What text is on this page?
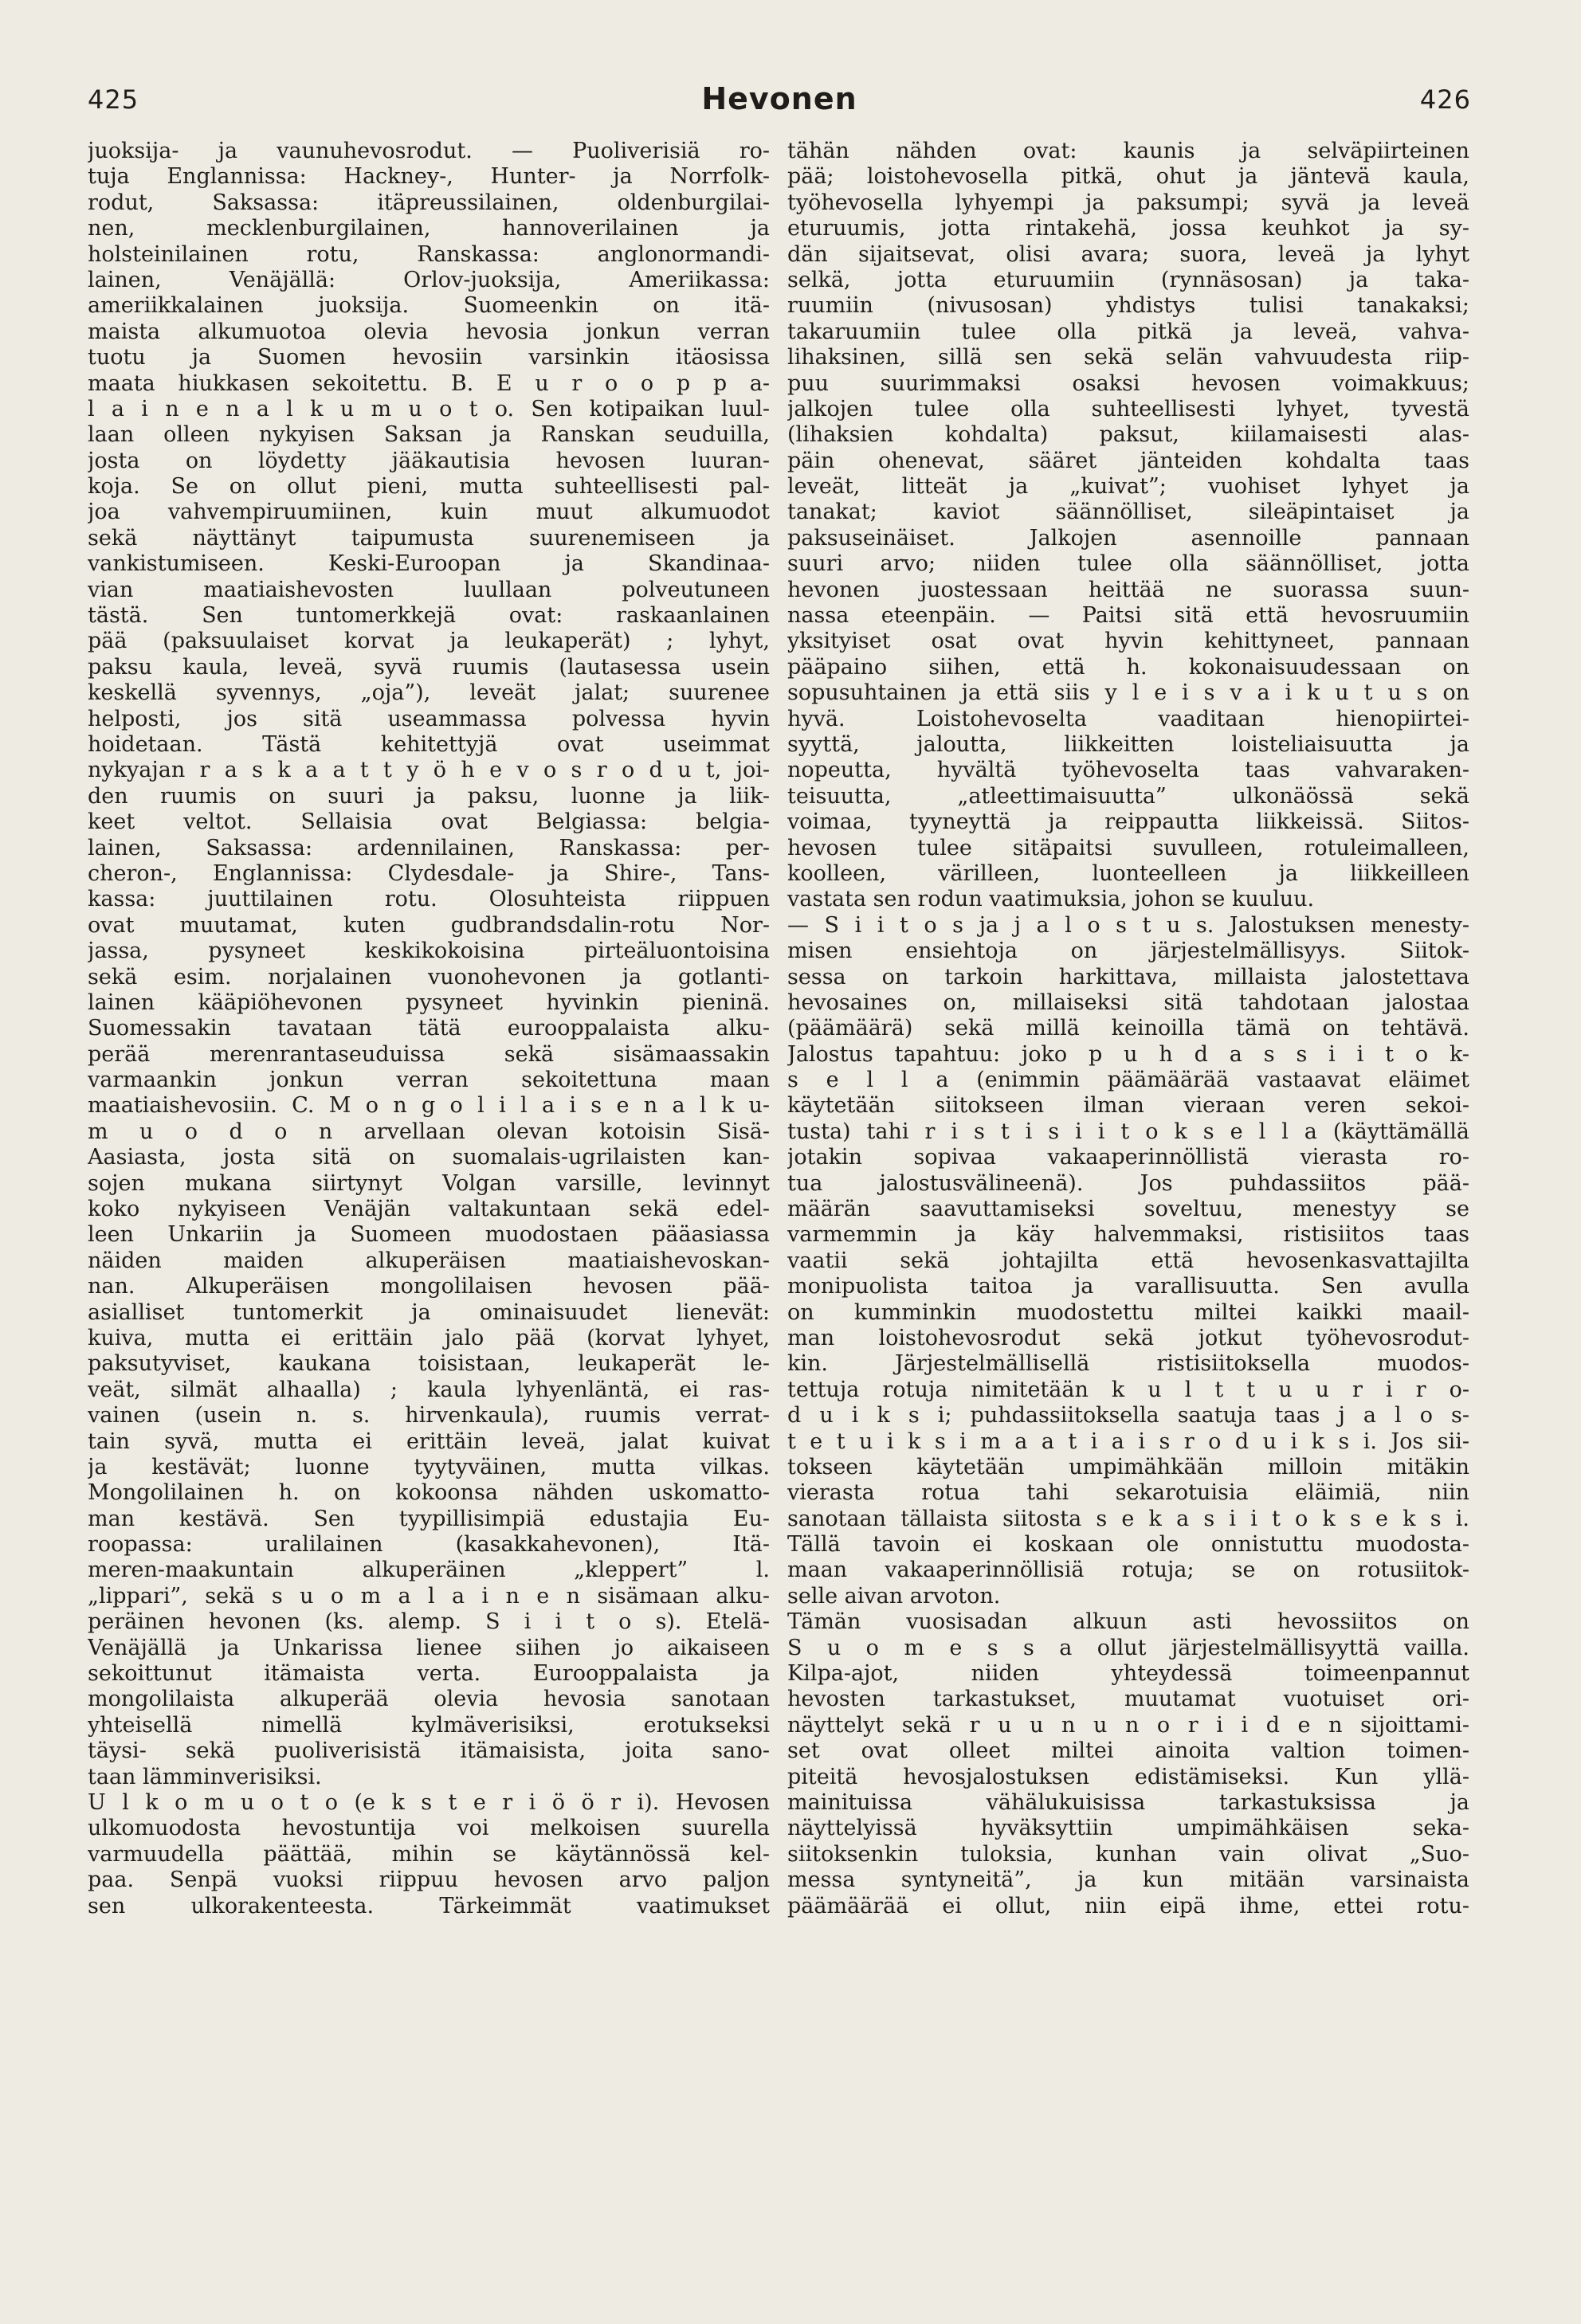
425	Hevonen	426
juoksija- ja vaunuhevosrodut. — Puoliverisiä ro-
tuja Englannissa: Hackney-, Hunter- ja Norrfolk-
rodut, Saksassa: itäpreussilainen, oldenburgilai-
nen, mecklenburgilainen, hannoverilainen ja
holsteinilainen rotu, Ranskassa: anglonormandi-
lainen, Venäjällä: Orlov-juoksija, Ameriikassa:
ameriikkalainen juoksija. Suomeenkin on itä-
maista alkumuotoa olevia hevosia jonkun verran
tuotu ja Suomen hevosiin varsinkin itäosissa
maata hiukkasen sekoitettu. B. E u r o o p p a-
l a i n e n a l k u m u o t o. Sen kotipaikan luul-
laan olleen nykyisen Saksan ja Ranskan seuduilla,
josta on löydetty jääkautisia hevosen luuran-
koja. Se on ollut pieni, mutta suhteellisesti pal-
joa vahvempiruumiinen, kuin muut alkumuodot
sekä näyttänyt taipumusta suurenemiseen ja
vankistumiseen. Keski-Euroopan ja Skandinaa-
vian maatiaishevosten luullaan polveutuneen
tästä. Sen tuntomerkkejä ovat: raskaanlainen
pää (paksuulaiset korvat ja leukaperät) ; lyhyt,
paksu kaula, leveä, syvä ruumis (lautasessa usein
keskellä syvennys, „oja”), leveät jalat; suurenee
helposti, jos sitä useammassa polvessa hyvin
hoidetaan. Tästä kehitettyjä ovat useimmat
nykyajan r a s k a a t t y ö h e v o s r o d u t, joi-
den ruumis on suuri ja paksu, luonne ja liik-
keet veltot. Sellaisia ovat Belgiassa: belgia-
lainen, Saksassa: ardennilainen, Ranskassa: per-
cheron-, Englannissa: Clydesdale- ja Shire-, Tans-
kassa: juuttilainen rotu. Olosuhteista riippuen
ovat muutamat, kuten gudbrandsdalin-rotu Nor-
jassa, pysyneet keskikokoisina pirteäluontoisina
sekä esim. norjalainen vuonohevonen ja gotlanti-
lainen kääpiöhevonen pysyneet hyvinkin pieninä.
Suomessakin tavataan tätä eurooppalaista alku-
perää merenrantaseuduissa sekä sisämaassakin
varmaankin jonkun verran sekoitettuna maan
maatiaishevosiin. C. M o n g o l i l a i s e n a l k u-
m u o d o n arvellaan olevan kotoisin Sisä-
Aasiasta, josta sitä on suomalais-ugrilaisten kan-
sojen mukana siirtynyt Volgan varsille, levinnyt
koko nykyiseen Venäjän valtakuntaan sekä edel-
leen Unkariin ja Suomeen muodostaen pääasiassa
näiden maiden alkuperäisen maatiaishevoskan-
nan. Alkuperäisen mongolilaisen hevosen pää-
asialliset tuntomerkit ja ominaisuudet lienevät:
kuiva, mutta ei erittäin jalo pää (korvat lyhyet,
paksutyviset, kaukana toisistaan, leukaperät le-
veät, silmät alhaalla) ; kaula lyhyenläntä, ei ras-
vainen (usein n. s. hirvenkaula), ruumis verrat-
tain syvä, mutta ei erittäin leveä, jalat kuivat
ja kestävät; luonne tyytyväinen, mutta vilkas.
Mongolilainen h. on kokoonsa nähden uskomatto-
man kestävä. Sen tyypillisimpiä edustajia Eu-
roopassa: uralilainen (kasakkahevonen), Itä-
meren-maakuntain alkuperäinen „kleppert” l.
„lippari”, sekä s u o m a l a i n e n sisämaan alku-
peräinen hevonen (ks. alemp. S i i t o s). Etelä-
Venäjällä ja Unkarissa lienee siihen jo aikaiseen
sekoittunut itämaista verta. Eurooppalaista ja
mongolilaista alkuperää olevia hevosia sanotaan
yhteisellä nimellä kylmäverisiksi, erotukseksi
täysi- sekä puoliverisistä itämaisista, joita sano-
taan lämminverisiksi.
U l k o m u o t o (e k s t e r i ö ö r i). Hevosen
ulkomuodosta hevostuntija voi melkoisen suurella
varmuudella päättää, mihin se käytännössä kel-
paa. Senpä vuoksi riippuu hevosen arvo paljon
sen ulkorakenteesta. Tärkeimmät vaatimukset
tähän nähden ovat: kaunis ja selväpiirteinen
pää; loistohevosella pitkä, ohut ja jäntevä kaula,
työhevosella lyhyempi ja paksumpi; syvä ja leveä
eturuumis, jotta rintakehä, jossa keuhkot ja sy-
dän sijaitsevat, olisi avara; suora, leveä ja lyhyt
selkä, jotta eturuumiin (rynnäsosan) ja taka-
ruumiin (nivusosan) yhdistys tulisi tanakaksi;
takaruumiin tulee olla pitkä ja leveä, vahva-
lihaksinen, sillä sen sekä selän vahvuudesta riip-
puu suurimmaksi osaksi hevosen voimakkuus;
jalkojen tulee olla suhteellisesti lyhyet, tyvestä
(lihaksien kohdalta) paksut, kiilamaisesti alas-
päin ohenevat, sääret jänteiden kohdalta taas
leveät, litteät ja „kuivat”; vuohiset lyhyet ja
tanakat; kaviot säännölliset, sileäpintaiset ja
paksuseinäiset. Jalkojen asennoille pannaan
suuri arvo; niiden tulee olla säännölliset, jotta
hevonen juostessaan heittää ne suorassa suun-
nassa eteenpäin. — Paitsi sitä että hevosruumiin
yksityiset osat ovat hyvin kehittyneet, pannaan
pääpaino siihen, että h. kokonaisuudessaan on
sopusuhtainen ja että siis y l e i s v a i k u t u s on
hyvä. Loistohevoselta vaaditaan hienopiirtei-
syyttä, jaloutta, liikkeitten loisteliaisuutta ja
nopeutta, hyvältä työhevoselta taas vahvaraken-
teisuutta, „atleettimaisuutta” ulkonäössä sekä
voimaa, tyyneyttä ja reippautta liikkeissä. Siitos-
hevosen tulee sitäpaitsi suvulleen, rotuleimalleen,
koolleen, värilleen, luonteelleen ja liikkeilleen
vastata sen rodun vaatimuksia, johon se kuuluu.
— S i i t o s ja j a l o s t u s. Jalostuksen menesty-
misen ensiehtoja on järjestelmällisyys. Siitok-
sessa on tarkoin harkittava, millaista jalostettava
hevosaines on, millaiseksi sitä tahdotaan jalostaa
(päämäärä) sekä millä keinoilla tämä on tehtävä.
Jalostus tapahtuu: joko p u h d a s s i i t o k-
s e l l a (enimmin päämäärää vastaavat eläimet
käytetään siitokseen ilman vieraan veren sekoi-
tusta) tahi r i s t i s i i t o k s e l l a (käyttämällä
jotakin sopivaa vakaaperinnöllistä vierasta ro-
tua jalostusvälineenä). Jos puhdassiitos pää-
määrän saavuttamiseksi soveltuu, menestyy se
varmemmin ja käy halvemmaksi, ristisiitos taas
vaatii sekä johtajilta että hevosenkasvattajilta
monipuolista taitoa ja varallisuutta. Sen avulla
on kumminkin muodostettu miltei kaikki maail-
man loistohevosrodut sekä jotkut työhevosrodut-
kin. Järjestelmällisellä ristisiitoksella muodos-
tettuja rotuja nimitetään k u l t t u u r i r o-
d u i k s i; puhdassiitoksella saatuja taas j a l o s-
t e t u i k s i m a a t i a i s r o d u i k s i. Jos sii-
tokseen käytetään umpimähkään milloin mitäkin
vierasta rotua tahi sekarotuisia eläimiä, niin
sanotaan tällaista siitosta s e k a s i i t o k s e k s i.
Tällä tavoin ei koskaan ole onnistuttu muodosta-
maan vakaaperinnöllisiä rotuja; se on rotusiitok-
selle aivan arvoton.
Tämän vuosisadan alkuun asti hevossiitos on
S u o m e s s a ollut järjestelmällisyyttä vailla.
Kilpa-ajot, niiden yhteydessä toimeenpannut
hevosten tarkastukset, muutamat vuotuiset ori-
näyttelyt sekä r u u n u n o r i i d e n sijoittami-
set ovat olleet miltei ainoita valtion toimen-
piteitä hevosjalostuksen edistämiseksi. Kun yllä-
mainituissa vähälukuisissa tarkastuksissa ja
näyttelyissä hyväksyttiin umpimähkäisen seka-
siitoksenkin tuloksia, kunhan vain olivat „Suo-
messa syntyneitä”, ja kun mitään varsinaista
päämäärää ei ollut, niin eipä ihme, ettei rotu-
